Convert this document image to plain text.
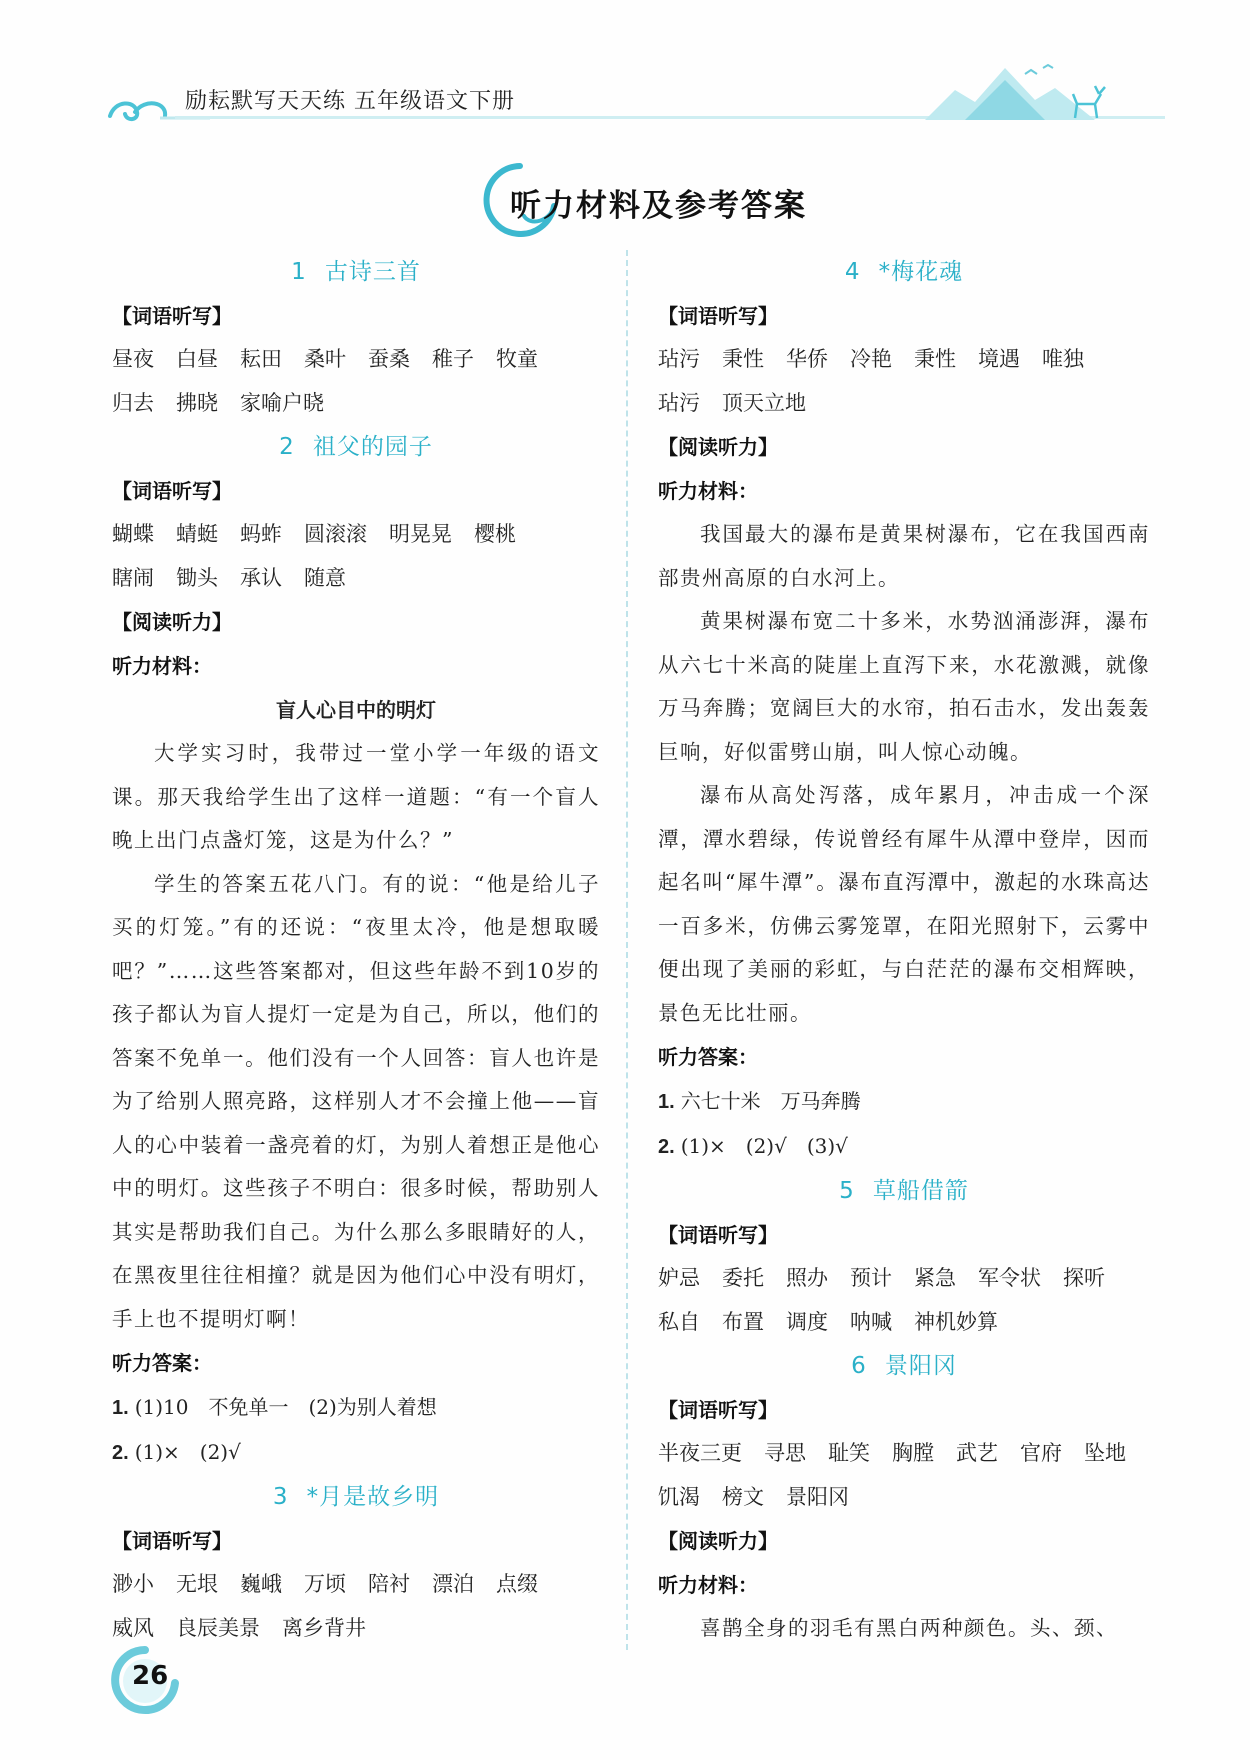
励耘默写天天练 五年级语文下册
听力材料及参考答案
1 古诗三首
【词语听写】
昼夜 白昼 耘田 桑叶 蚕桑 稚子 牧童归去 拂晓 家喻户晓
2 祖父的园子
【词语听写】
蝴蝶 蜻蜓 蚂蚱 圆滚滚 明晃晃 樱桃瞎闹 锄头 承认 随意
【阅读听力】
听力材料：
盲人心目中的明灯

大学实习时，我带过一堂小学一年级的语文课。那天我给学生出了这样一道题：“有一个盲人晚上出门点盏灯笼，这是为什么？”

学生的答案五花八门。有的说：“他是给儿子买的灯笼。”有的还说：“夜里太冷，他是想取暖吧？”……这些答案都对，但这些年龄不到10岁的孩子都认为盲人提灯一定是为自己，所以，他们的答案不免单一。他们没有一个人回答：盲人也许是为了给别人照亮路，这样别人才不会撞上他——盲人的心中装着一盏亮着的灯，为别人着想正是他心中的明灯。这些孩子不明白：很多时候，帮助别人其实是帮助我们自己。为什么那么多眼睛好的人，在黑夜里往往相撞？就是因为他们心中没有明灯，手上也不提明灯啊！

听力答案：
1. (1)10　不免单一　(2)为别人着想
2. (1)×　(2)√
3 *月是故乡明
【词语听写】
渺小 无垠 巍峨 万顷 陪衬 漂泊 点缀威风 良辰美景 离乡背井
4 *梅花魂
【词语听写】
玷污 秉性 华侨 冷艳 秉性 境遇 唯独玷污 顶天立地
【阅读听力】
听力材料：

我国最大的瀑布是黄果树瀑布，它在我国西南部贵州高原的白水河上。

黄果树瀑布宽二十多米，水势汹涌澎湃，瀑布从六七十米高的陡崖上直泻下来，水花激溅，就像万马奔腾；宽阔巨大的水帘，拍石击水，发出轰轰巨响，好似雷劈山崩，叫人惊心动魄。

瀑布从高处泻落，成年累月，冲击成一个深潭，潭水碧绿，传说曾经有犀牛从潭中登岸，因而起名叫“犀牛潭”。瀑布直泻潭中，激起的水珠高达一百多米，仿佛云雾笼罩，在阳光照射下，云雾中便出现了美丽的彩虹，与白茫茫的瀑布交相辉映，景色无比壮丽。

听力答案：
1. 六七十米　万马奔腾
2. (1)×　(2)√　(3)√
5 草船借箭
【词语听写】
妒忌 委托 照办 预计 紧急 军令状 探听私自 布置 调度 呐喊 神机妙算
6 景阳冈
【词语听写】
半夜三更 寻思 耻笑 胸膛 武艺 官府 坠地饥渴 榜文 景阳冈
【阅读听力】
听力材料：

喜鹊全身的羽毛有黑白两种颜色。头、颈、

26
